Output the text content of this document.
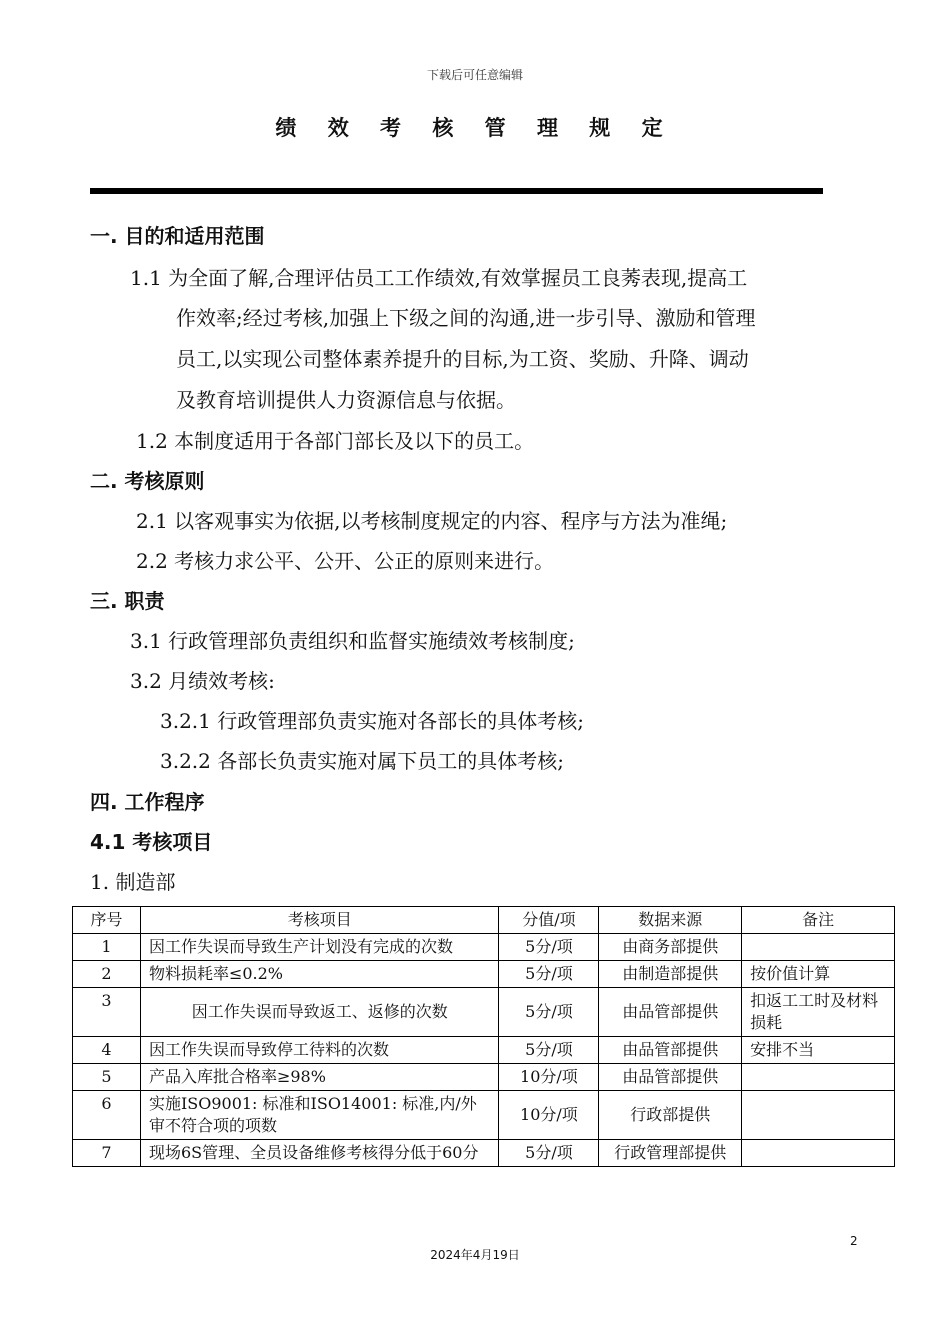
下载后可任意编辑
绩 效 考 核 管 理 规 定
一. 目的和适用范围
1.1 为全面了解,合理评估员工工作绩效,有效掌握员工良莠表现,提高工
作效率;经过考核,加强上下级之间的沟通,进一步引导、激励和管理
员工,以实现公司整体素养提升的目标,为工资、奖励、升降、调动
及教育培训提供人力资源信息与依据。
1.2 本制度适用于各部门部长及以下的员工。
二. 考核原则
2.1 以客观事实为依据,以考核制度规定的内容、程序与方法为准绳;
2.2 考核力求公平、公开、公正的原则来进行。
三. 职责
3.1 行政管理部负责组织和监督实施绩效考核制度;
3.2 月绩效考核:
3.2.1 行政管理部负责实施对各部长的具体考核;
3.2.2 各部长负责实施对属下员工的具体考核;
四. 工作程序
4.1 考核项目
1. 制造部
序号	考核项目	分值/项	数据来源	备注
1	因工作失误而导致生产计划没有完成的次数	5分/项	由商务部提供	
2	物料损耗率≤0.2%	5分/项	由制造部提供	按价值计算
3	因工作失误而导致返工、返修的次数	5分/项	由品管部提供	扣返工工时及材料损耗
4	因工作失误而导致停工待料的次数	5分/项	由品管部提供	安排不当
5	产品入库批合格率≥98%	10分/项	由品管部提供	
6	实施ISO9001: 标准和ISO14001: 标准,内/外审不符合项的项数	10分/项	行政部提供	
7	现场6S管理、全员设备维修考核得分低于60分	5分/项	行政管理部提供	
2
2024年4月19日
